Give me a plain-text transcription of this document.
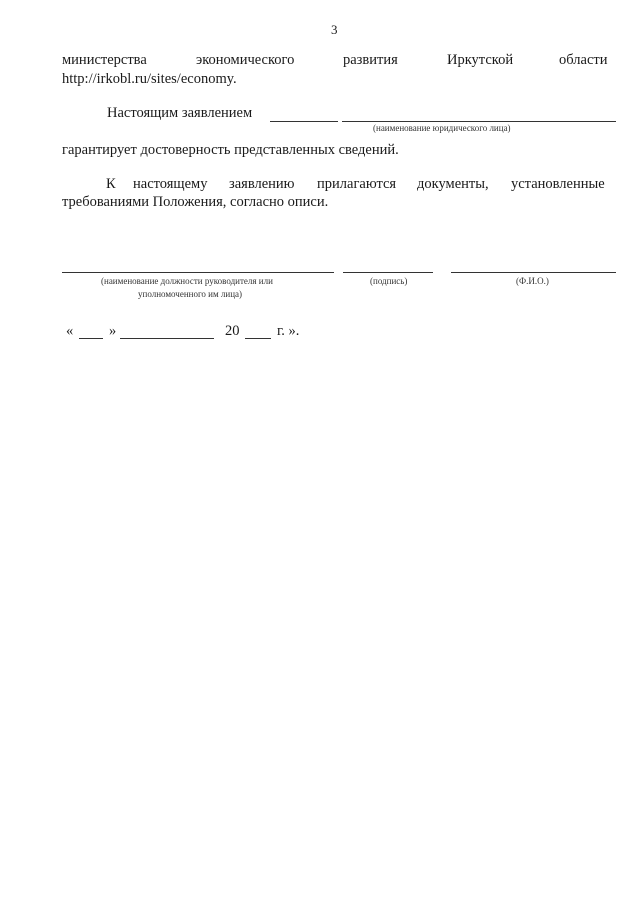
3
министерства	экономического	развития	Иркутской	области
http://irkobl.ru/sites/economy.
Настоящим заявлением
(наименование юридического лица)
гарантирует достоверность представленных сведений.
К настоящему заявлению прилагаются документы, установленные
требованиями Положения, согласно описи.
(наименование должности руководителя или
уполномоченного им лица)
(подпись)	(Ф.И.О.)
« »	20	г. ».
